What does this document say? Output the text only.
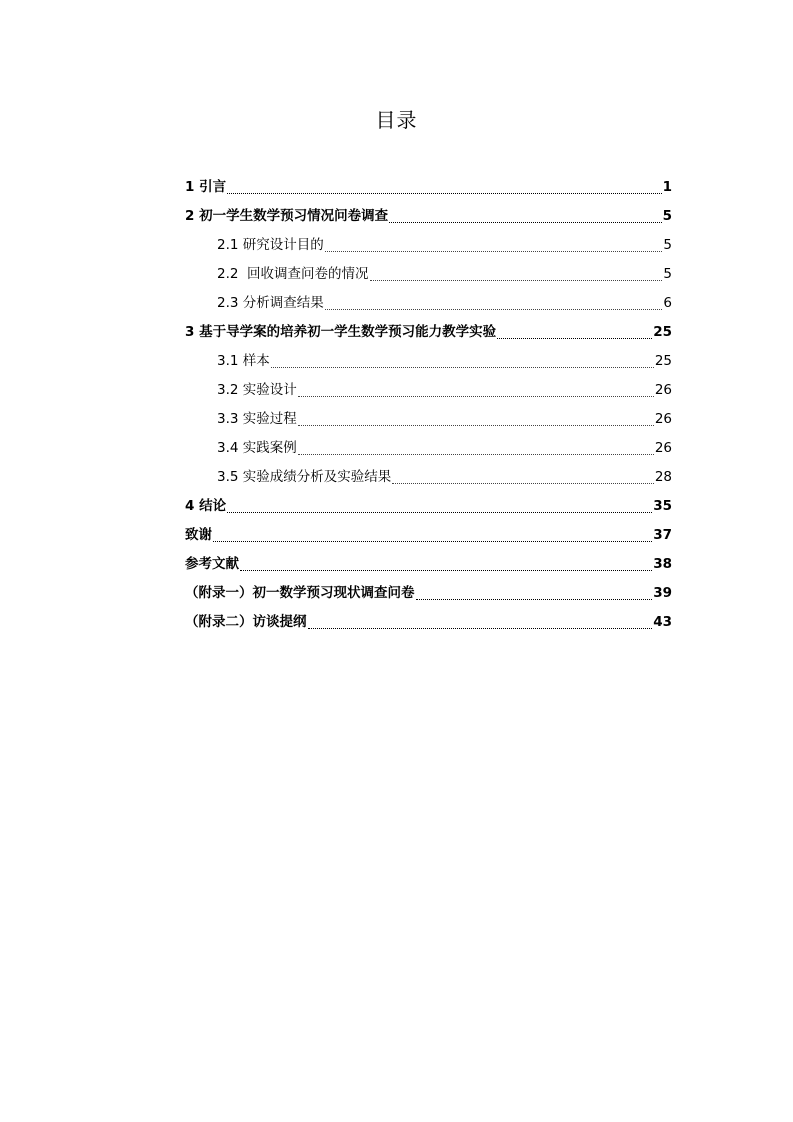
目录
1 引言	1
2 初一学生数学预习情况问卷调查	5
2.1 研究设计目的	5
2.2  回收调查问卷的情况	5
2.3 分析调查结果	6
3 基于导学案的培养初一学生数学预习能力教学实验	25
3.1 样本	25
3.2 实验设计	26
3.3 实验过程	26
3.4 实践案例	26
3.5 实验成绩分析及实验结果	28
4 结论	35
致谢	37
参考文献	38
（附录一）初一数学预习现状调查问卷	39
（附录二）访谈提纲	43
